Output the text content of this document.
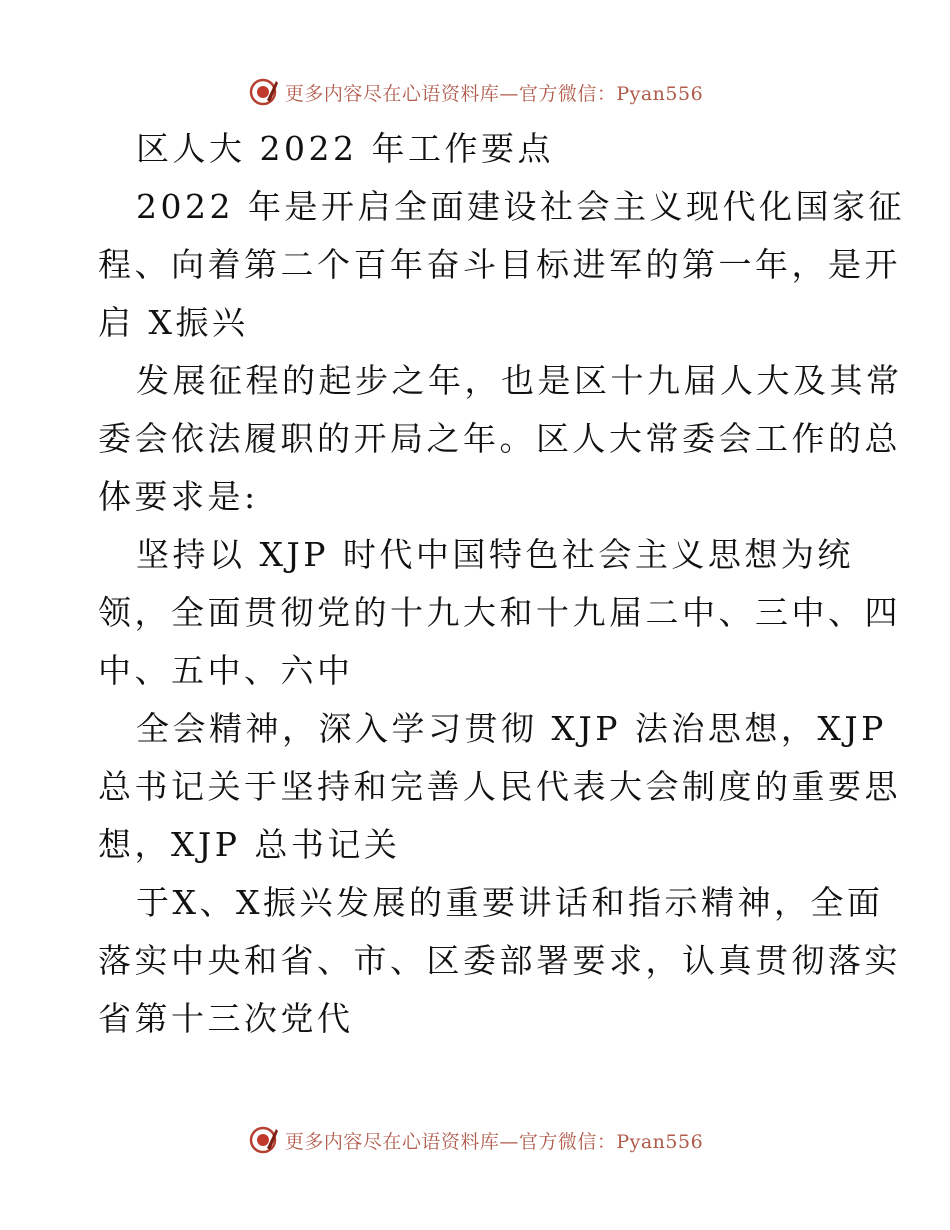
更多内容尽在心语资料库—官方微信：Pyan556
区人大 2022 年工作要点
2022 年是开启全面建设社会主义现代化国家征
程、向着第二个百年奋斗目标进军的第一年，是开
启 X振兴
发展征程的起步之年，也是区十九届人大及其常
委会依法履职的开局之年。区人大常委会工作的总
体要求是:
坚持以 XJP 时代中国特色社会主义思想为统
领，全面贯彻党的十九大和十九届二中、三中、四
中、五中、六中
全会精神，深入学习贯彻 XJP 法治思想，XJP
总书记关于坚持和完善人民代表大会制度的重要思
想，XJP 总书记关
于X、X振兴发展的重要讲话和指示精神，全面
落实中央和省、市、区委部署要求，认真贯彻落实
省第十三次党代
更多内容尽在心语资料库—官方微信：Pyan556
